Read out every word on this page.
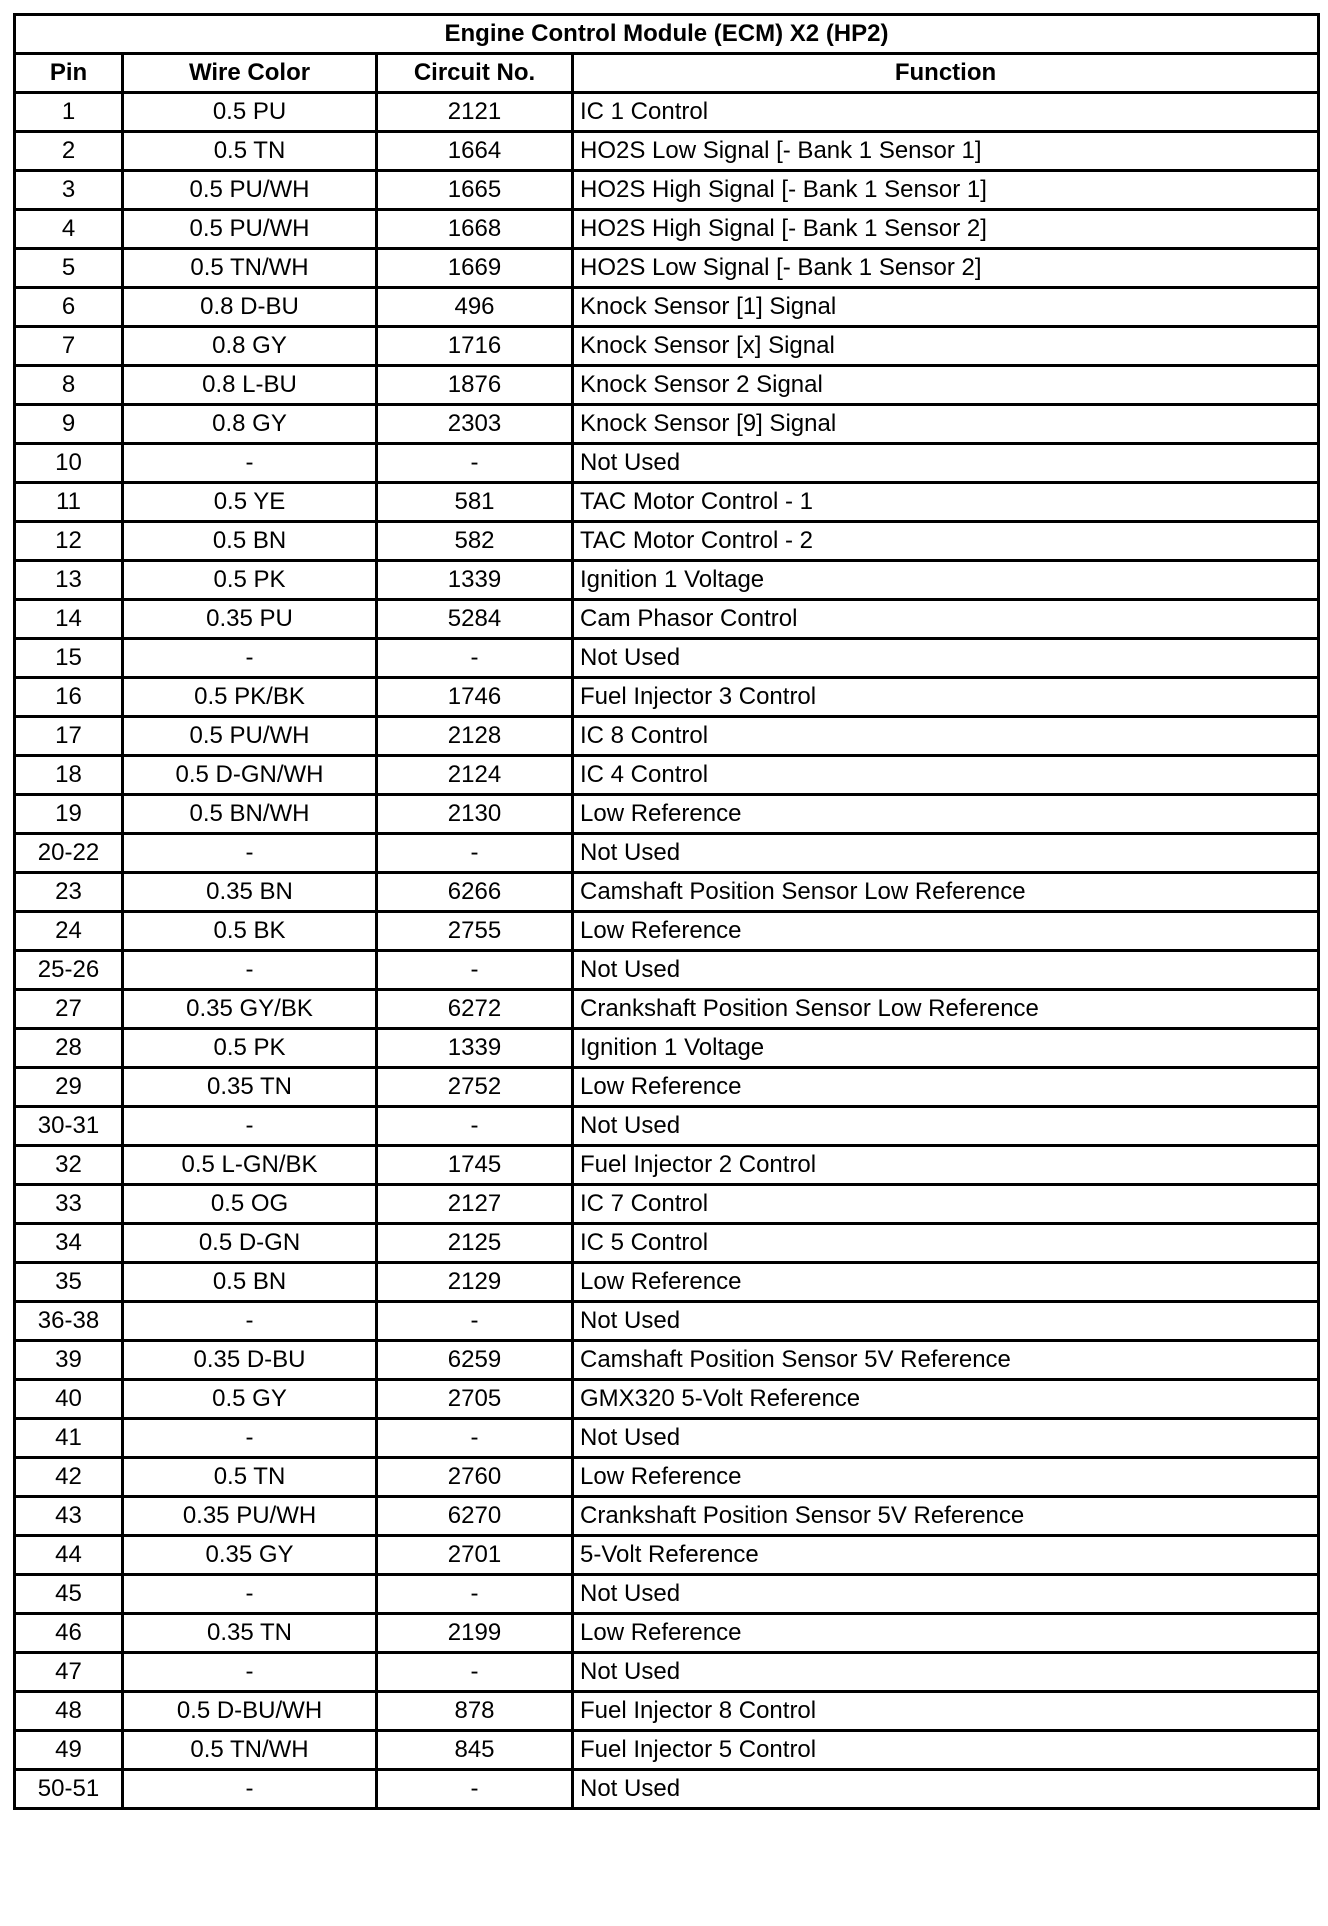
Engine Control Module (ECM) X2 (HP2)			
Pin	Wire Color	Circuit No.	Function
1	0.5 PU	2121	IC 1 Control
2	0.5 TN	1664	HO2S Low Signal [- Bank 1 Sensor 1]
3	0.5 PU/WH	1665	HO2S High Signal [- Bank 1 Sensor 1]
4	0.5 PU/WH	1668	HO2S High Signal [- Bank 1 Sensor 2]
5	0.5 TN/WH	1669	HO2S Low Signal [- Bank 1 Sensor 2]
6	0.8 D-BU	496	Knock Sensor [1] Signal
7	0.8 GY	1716	Knock Sensor [x] Signal
8	0.8 L-BU	1876	Knock Sensor 2 Signal
9	0.8 GY	2303	Knock Sensor [9] Signal
10	-	-	Not Used
11	0.5 YE	581	TAC Motor Control - 1
12	0.5 BN	582	TAC Motor Control - 2
13	0.5 PK	1339	Ignition 1 Voltage
14	0.35 PU	5284	Cam Phasor Control
15	-	-	Not Used
16	0.5 PK/BK	1746	Fuel Injector 3 Control
17	0.5 PU/WH	2128	IC 8 Control
18	0.5 D-GN/WH	2124	IC 4 Control
19	0.5 BN/WH	2130	Low Reference
20-22	-	-	Not Used
23	0.35 BN	6266	Camshaft Position Sensor Low Reference
24	0.5 BK	2755	Low Reference
25-26	-	-	Not Used
27	0.35 GY/BK	6272	Crankshaft Position Sensor Low Reference
28	0.5 PK	1339	Ignition 1 Voltage
29	0.35 TN	2752	Low Reference
30-31	-	-	Not Used
32	0.5 L-GN/BK	1745	Fuel Injector 2 Control
33	0.5 OG	2127	IC 7 Control
34	0.5 D-GN	2125	IC 5 Control
35	0.5 BN	2129	Low Reference
36-38	-	-	Not Used
39	0.35 D-BU	6259	Camshaft Position Sensor 5V Reference
40	0.5 GY	2705	GMX320 5-Volt Reference
41	-	-	Not Used
42	0.5 TN	2760	Low Reference
43	0.35 PU/WH	6270	Crankshaft Position Sensor 5V Reference
44	0.35 GY	2701	5-Volt Reference
45	-	-	Not Used
46	0.35 TN	2199	Low Reference
47	-	-	Not Used
48	0.5 D-BU/WH	878	Fuel Injector 8 Control
49	0.5 TN/WH	845	Fuel Injector 5 Control
50-51	-	-	Not Used
